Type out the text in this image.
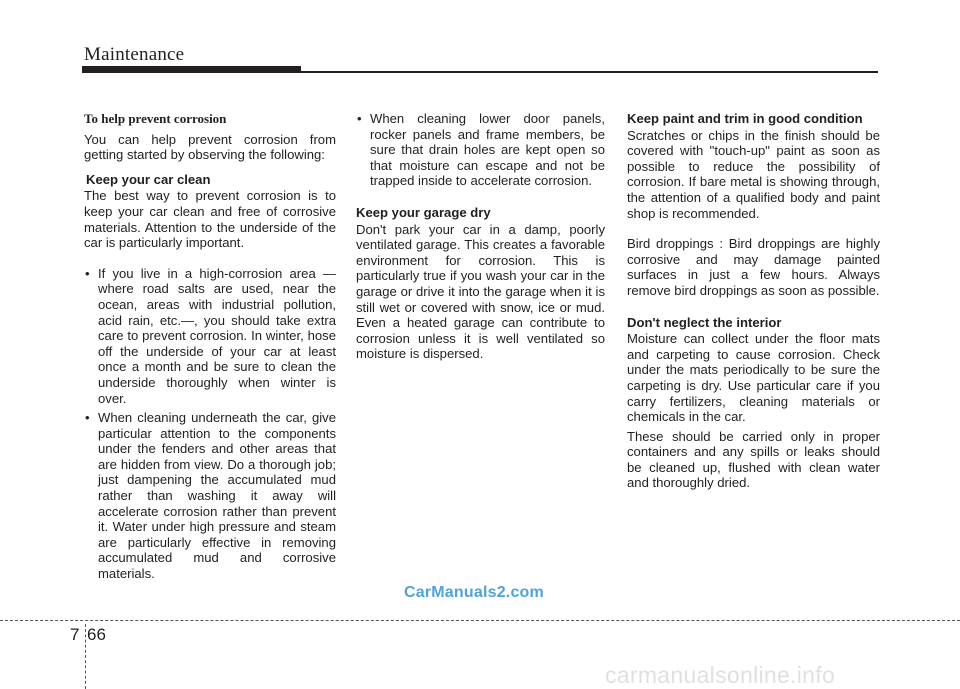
Maintenance

To help prevent corrosion

You can help prevent corrosion from getting started by observing the following:

Keep your car clean

The best way to prevent corrosion is to keep your car clean and free of corrosive materials. Attention to the underside of the car is particularly important.

• If you live in a high-corrosion area — where road salts are used, near the ocean, areas with industrial pollution, acid rain, etc.—, you should take extra care to prevent corrosion. In winter, hose off the underside of your car at least once a month and be sure to clean the underside thoroughly when winter is over.

• When cleaning underneath the car, give particular attention to the components under the fenders and other areas that are hidden from view. Do a thorough job; just dampening the accumulated mud rather than washing it away will accelerate corrosion rather than prevent it. Water under high pressure and steam are particularly effective in removing accumulated mud and corrosive materials.

• When cleaning lower door panels, rocker panels and frame members, be sure that drain holes are kept open so that moisture can escape and not be trapped inside to accelerate corrosion.

Keep your garage dry

Don't park your car in a damp, poorly ventilated garage. This creates a favorable environment for corrosion. This is particularly true if you wash your car in the garage or drive it into the garage when it is still wet or covered with snow, ice or mud. Even a heated garage can contribute to corrosion unless it is well ventilated so moisture is dispersed.

Keep paint and trim in good condition

Scratches or chips in the finish should be covered with "touch-up" paint as soon as possible to reduce the possibility of corrosion. If bare metal is showing through, the attention of a qualified body and paint shop is recommended.

Bird droppings : Bird droppings are highly corrosive and may damage painted surfaces in just a few hours. Always remove bird droppings as soon as possible.

Don't neglect the interior

Moisture can collect under the floor mats and carpeting to cause corrosion. Check under the mats periodically to be sure the carpeting is dry. Use particular care if you carry fertilizers, cleaning materials or chemicals in the car.

These should be carried only in proper containers and any spills or leaks should be cleaned up, flushed with clean water and thoroughly dried.

CarManuals2.com
7 66
carmanualsonline.info
